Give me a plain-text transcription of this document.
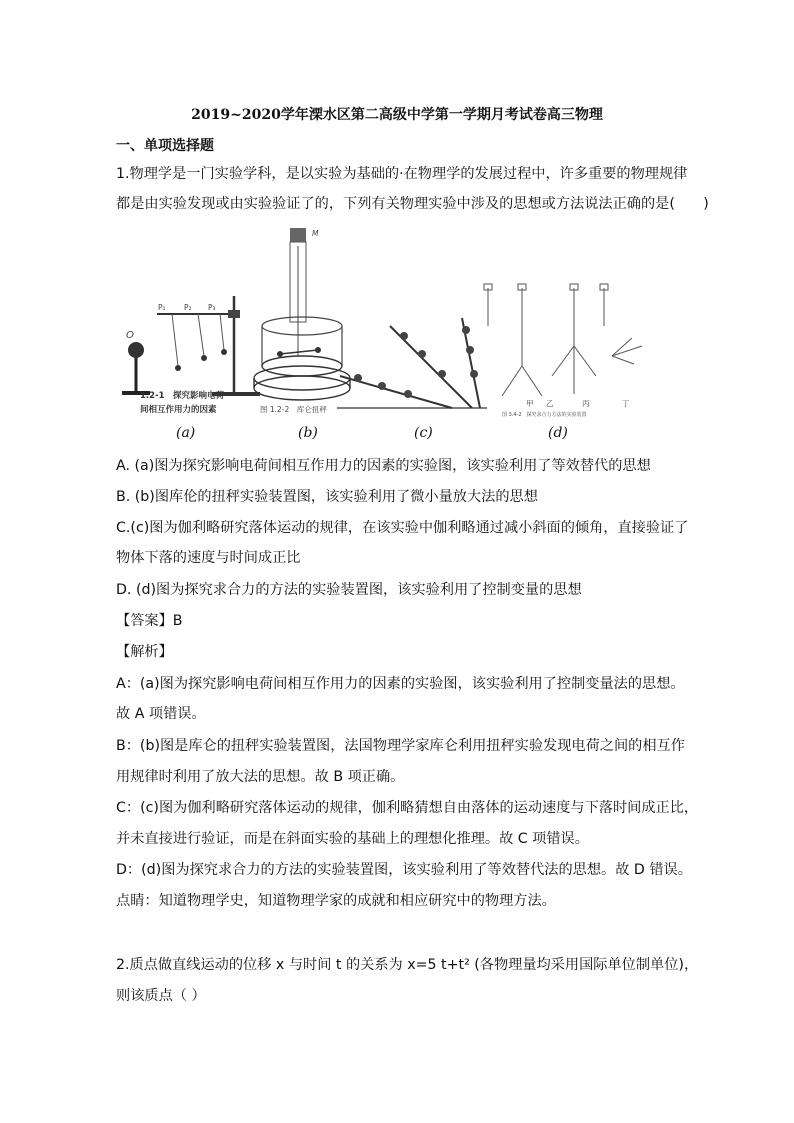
2019~2020学年溧水区第二高级中学第一学期月考试卷高三物理
一、单项选择题
1.物理学是一门实验学科，是以实验为基础的·在物理学的发展过程中，许多重要的物理规律
都是由实验发现或由实验验证了的，下列有关物理实验中涉及的思想或方法说法正确的是(　　)
O
P₁ P₂ P₃
1.2-1　探究影响电荷
间相互作用力的因素
M
图 1.2-2　库仑扭秤
甲 乙	丙	丁
图 3.4-2　探究求合力方法的实验装置
(a)	(b)	(c)	(d)
A. (a)图为探究影响电荷间相互作用力的因素的实验图，该实验利用了等效替代的思想
B. (b)图库伦的扭秤实验装置图，该实验利用了微小量放大法的思想
C.(c)图为伽利略研究落体运动的规律，在该实验中伽利略通过减小斜面的倾角，直接验证了
物体下落的速度与时间成正比
D. (d)图为探究求合力的方法的实验装置图，该实验利用了控制变量的思想
【答案】B
【解析】
A：(a)图为探究影响电荷间相互作用力的因素的实验图，该实验利用了控制变量法的思想。
故 A 项错误。
B：(b)图是库仑的扭秤实验装置图，法国物理学家库仑利用扭秤实验发现电荷之间的相互作
用规律时利用了放大法的思想。故 B 项正确。
C：(c)图为伽利略研究落体运动的规律，伽利略猜想自由落体的运动速度与下落时间成正比，
并未直接进行验证，而是在斜面实验的基础上的理想化推理。故 C 项错误。
D：(d)图为探究求合力的方法的实验装置图，该实验利用了等效替代法的思想。故 D 错误。
点睛：知道物理学史，知道物理学家的成就和相应研究中的物理方法。
2.质点做直线运动的位移 x 与时间 t 的关系为 x=5 t+t² (各物理量均采用国际单位制单位)，
则该质点（ ）
